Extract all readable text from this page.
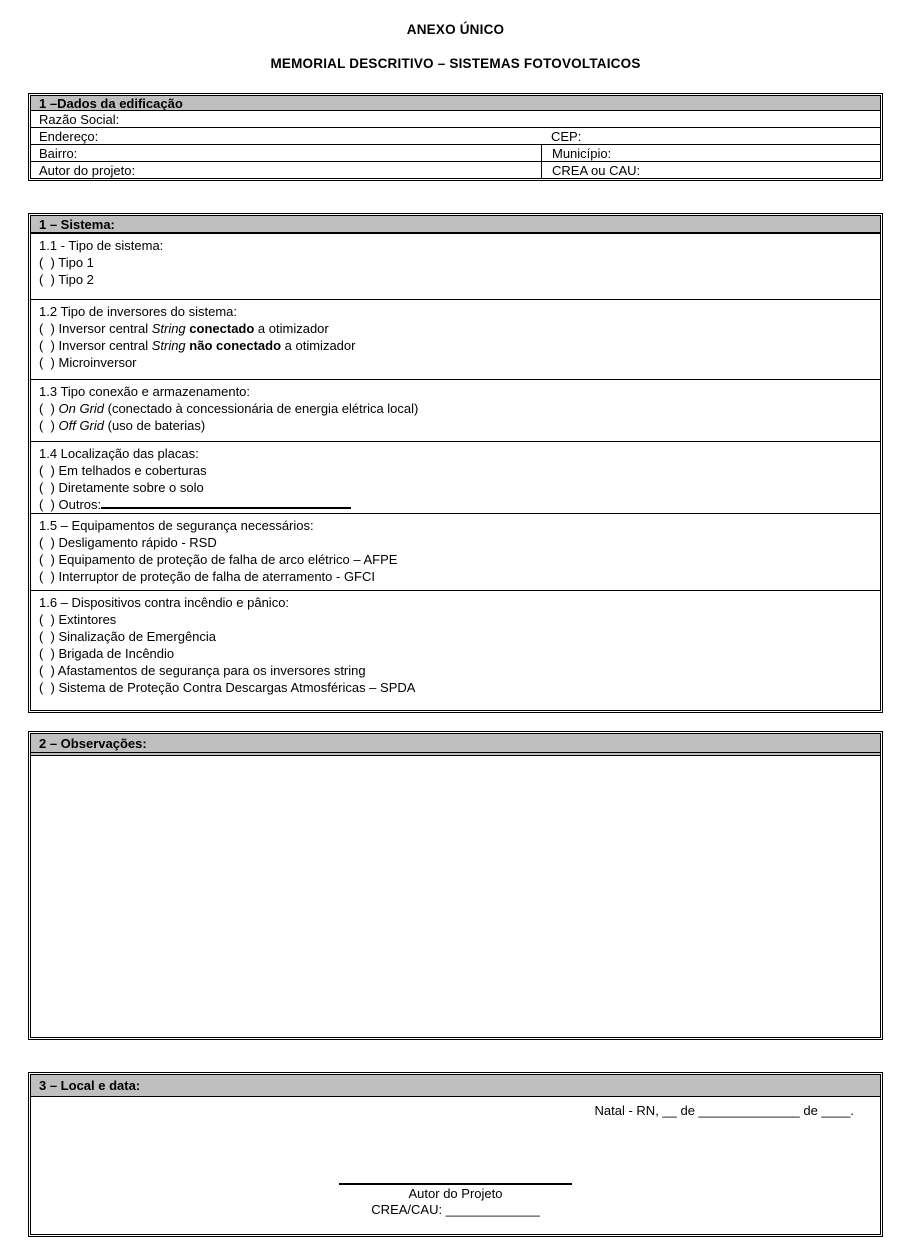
ANEXO ÚNICO
MEMORIAL DESCRITIVO – SISTEMAS FOTOVOLTAICOS
1 –Dados da edificação
Razão Social:
Endereço:	CEP:
Bairro:	Município:
Autor do projeto:	CREA ou CAU:
1 – Sistema:
1.1 - Tipo de sistema:
(  ) Tipo 1
(  ) Tipo 2
1.2 Tipo de inversores do sistema:
(  ) Inversor central String conectado a otimizador
(  ) Inversor central String não conectado a otimizador
(  ) Microinversor
1.3 Tipo conexão e armazenamento:
(  ) On Grid (conectado à concessionária de energia elétrica local)
(  ) Off Grid (uso de baterias)
1.4 Localização das placas:
(  ) Em telhados e coberturas
(  ) Diretamente sobre o solo
(  ) Outros:
1.5 – Equipamentos de segurança necessários:
(  ) Desligamento rápido - RSD
(  ) Equipamento de proteção de falha de arco elétrico – AFPE
(  ) Interruptor de proteção de falha de aterramento - GFCI
1.6 – Dispositivos contra incêndio e pânico:
(  ) Extintores
(  ) Sinalização de Emergência
(  ) Brigada de Incêndio
(  ) Afastamentos de segurança para os inversores string
(  ) Sistema de Proteção Contra Descargas Atmosféricas – SPDA
2 – Observações:
3 – Local e data:
Natal - RN, __ de ______________ de ____.
Autor do Projeto
CREA/CAU: _____________
